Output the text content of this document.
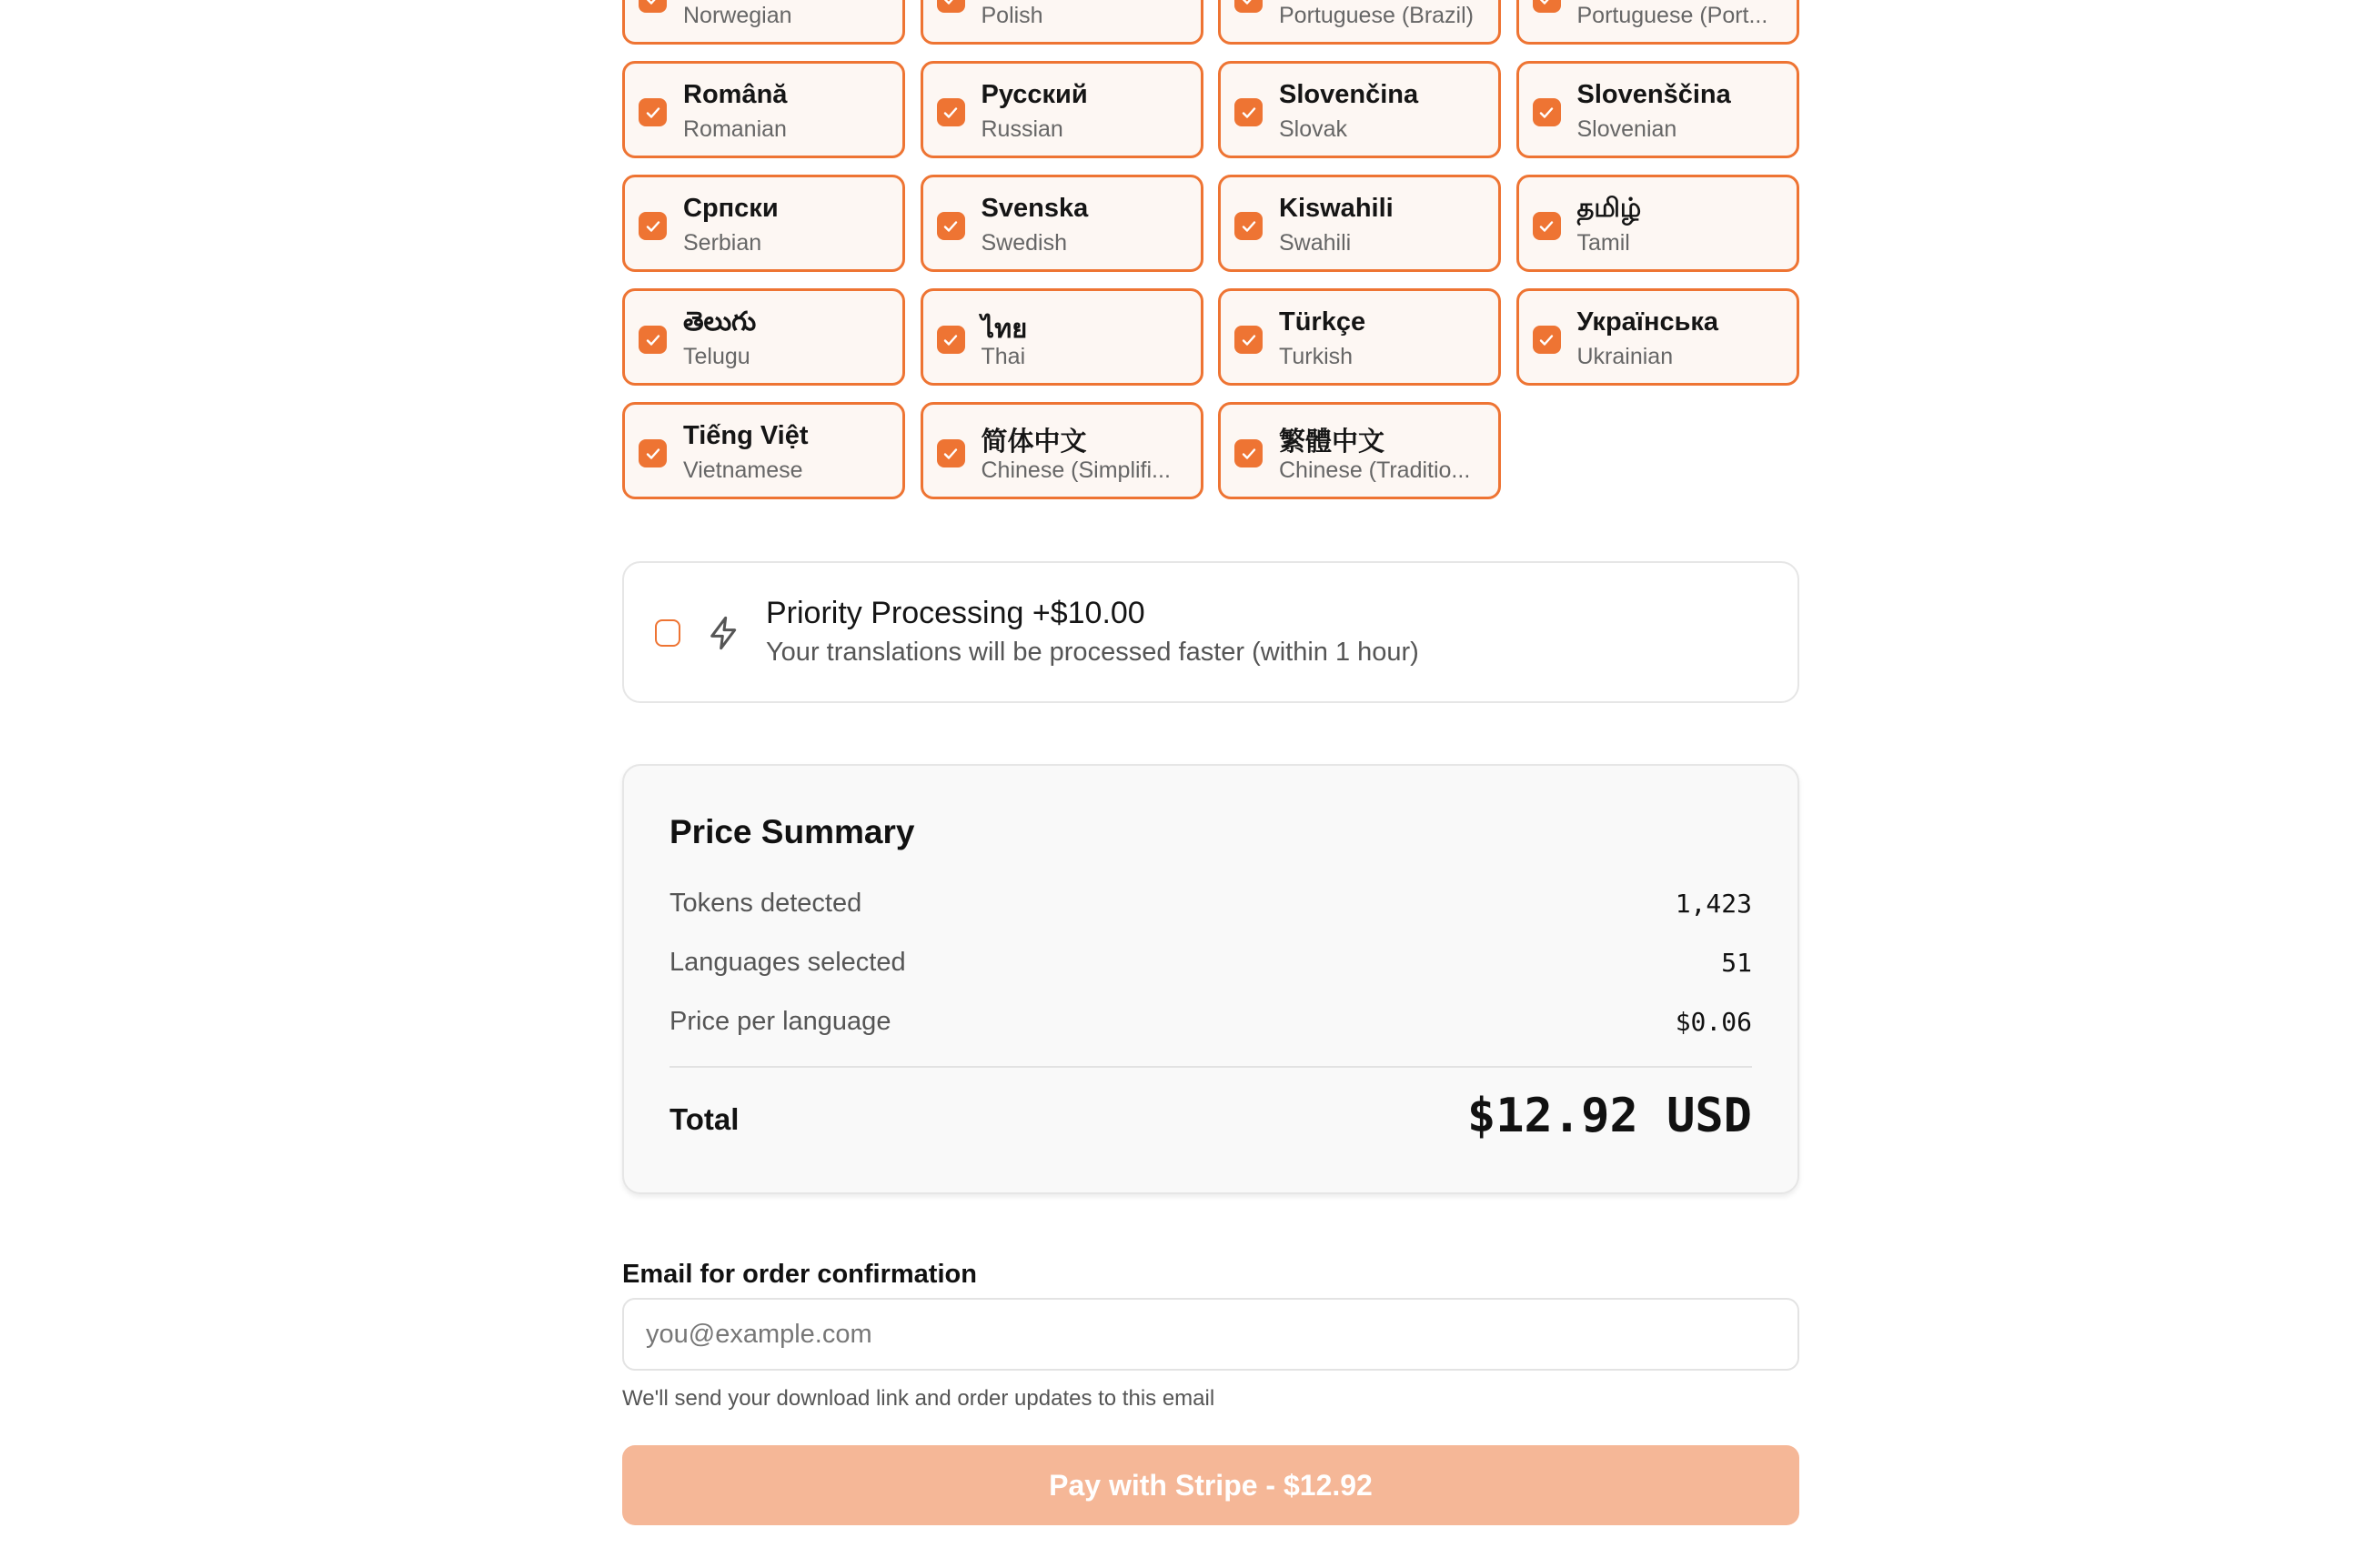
Norwegian	Polish	Portuguese (Brazil)	Portuguese (Port...
Română
Romanian
Русский
Russian
Slovenčina
Slovak
Slovenščina
Slovenian
Српски
Serbian
Svenska
Swedish
Kiswahili
Swahili
தமிழ்
Tamil
తెలుగు
Telugu
ไทย
Thai
Türkçe
Turkish
Українська
Ukrainian
Tiếng Việt
Vietnamese
简体中文
Chinese (Simplifi...
繁體中文
Chinese (Traditio...
Priority Processing +$10.00
Your translations will be processed faster (within 1 hour)
Price Summary
Tokens detected	1,423
Languages selected	51
Price per language	$0.06
Total	$12.92 USD
Email for order confirmation
you@example.com
We'll send your download link and order updates to this email
Pay with Stripe - $12.92
